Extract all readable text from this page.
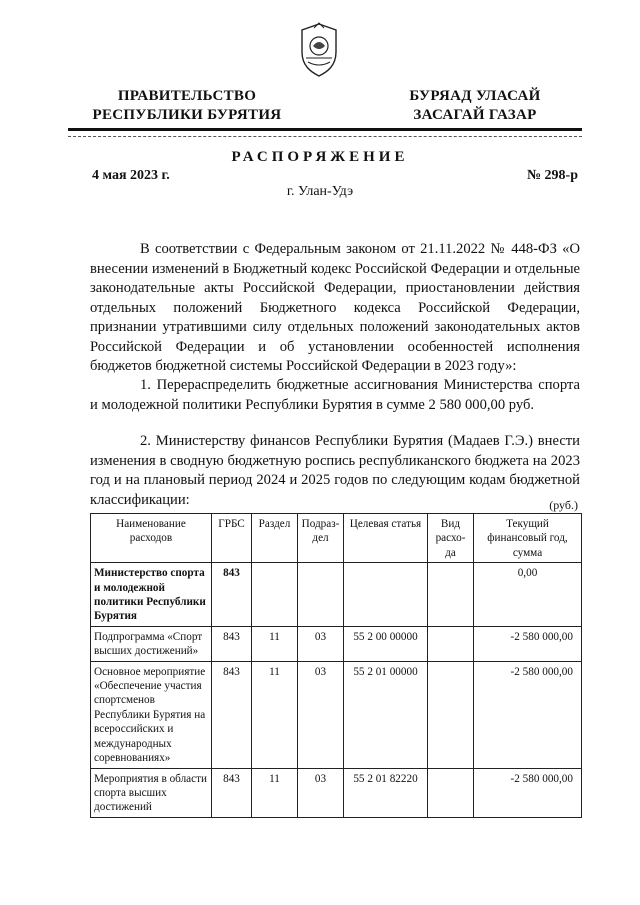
ПРАВИТЕЛЬСТВО
РЕСПУБЛИКИ БУРЯТИЯ
БУРЯАД УЛАСАЙ
ЗАСАГАЙ ГАЗАР
РАСПОРЯЖЕНИЕ
4 мая 2023 г.	№ 298-р
г. Улан-Удэ
В соответствии с Федеральным законом от 21.11.2022 № 448-ФЗ «О внесении изменений в Бюджетный кодекс Российской Федерации и отдельные законодательные акты Российской Федерации, приостановлении действия отдельных положений Бюджетного кодекса Российской Федерации, признании утратившими силу отдельных положений законодательных актов Российской Федерации и об установлении особенностей исполнения бюджетов бюджетной системы Российской Федерации в 2023 году»:
1. Перераспределить бюджетные ассигнования Министерства спорта и молодежной политики Республики Бурятия в сумме 2 580 000,00 руб.
2. Министерству финансов Республики Бурятия (Мадаев Г.Э.) внести изменения в сводную бюджетную роспись республиканского бюджета на 2023 год и на плановый период 2024 и 2025 годов по следующим кодам бюджетной классификации:	(руб.)
Наименование расходов	ГРБС	Раздел	Подраз-дел	Целевая статья	Вид расхо-да	Текущий финансовый год, сумма
Министерство спорта и молодежной политики Республики Бурятия	843					0,00
Подпрограмма «Спорт высших достижений»	843	11	03	55 2 00 00000		-2 580 000,00
Основное мероприятие «Обеспечение участия спортсменов Республики Бурятия на всероссийских и международных соревнованиях»	843	11	03	55 2 01 00000		-2 580 000,00
Мероприятия в области спорта высших достижений	843	11	03	55 2 01 82220		-2 580 000,00
